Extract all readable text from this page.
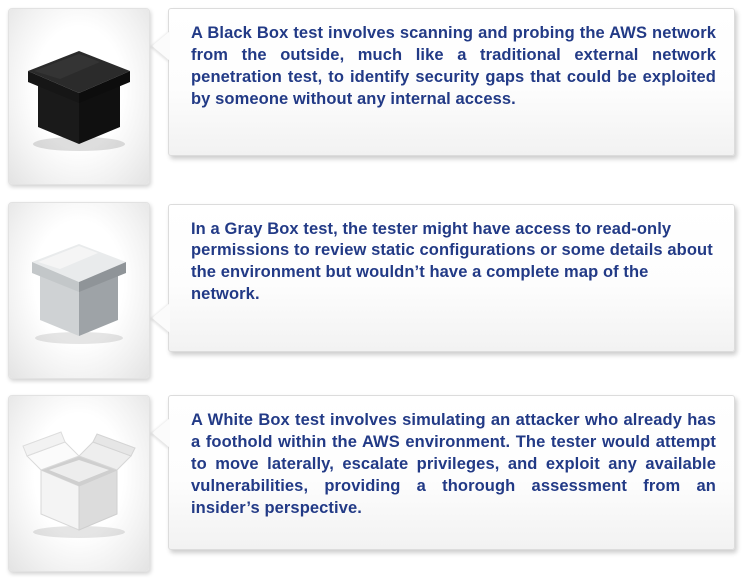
A Black Box test involves scanning and probing the AWS network from the outside, much like a traditional external network penetration test, to identify security gaps that could be exploited by someone without any internal access.

In a Gray Box test, the tester might have access to read-only permissions to review static configurations or some details about the environment but wouldn’t have a complete map of the network.

A White Box test involves simulating an attacker who already has a foothold within the AWS environment. The tester would attempt to move laterally, escalate privileges, and exploit any available vulnerabilities, providing a thorough assessment from an insider’s perspective.
